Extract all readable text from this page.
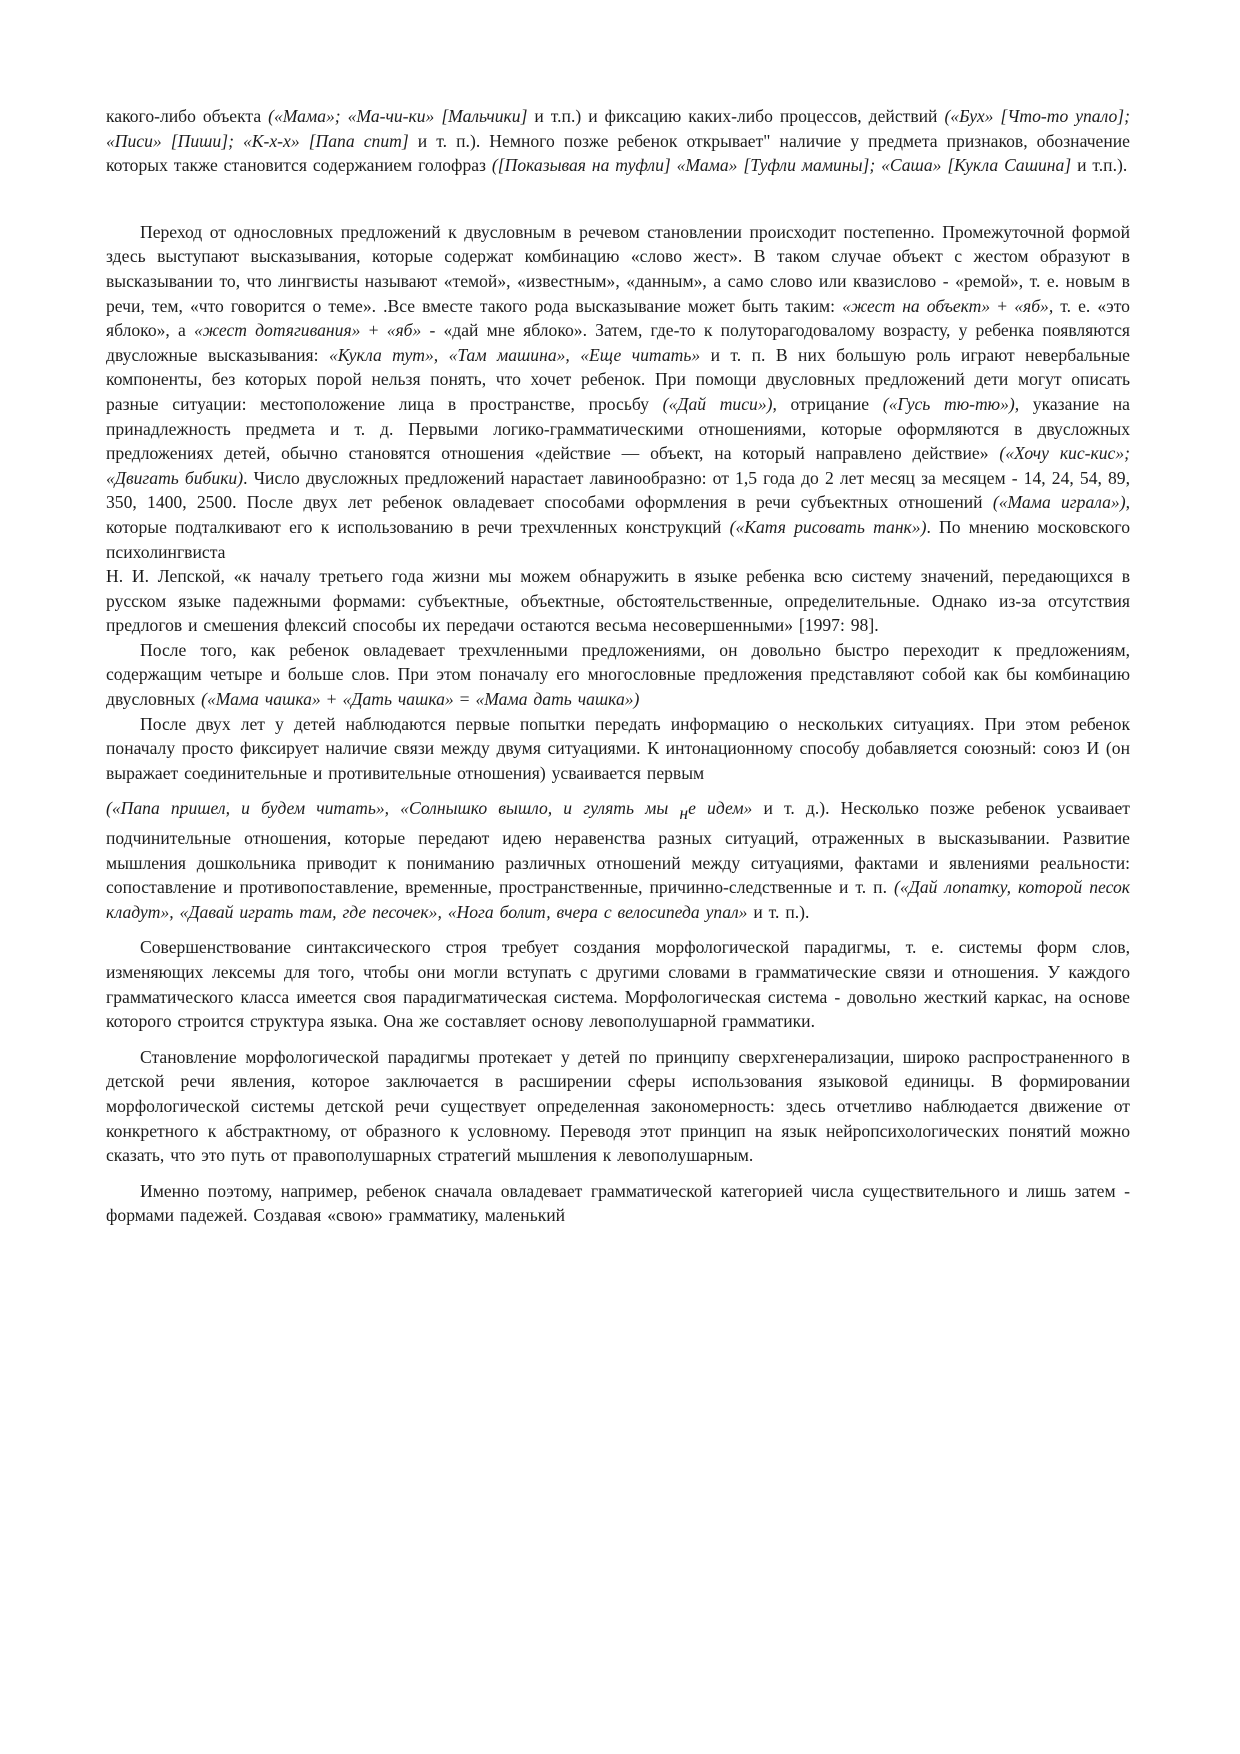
какого-либо объекта («Мама»; «Ма-чи-ки» [Мальчики] и т.п.) и фиксацию каких-либо процессов, действий («Бух» [Что-то упало]; «Писи» [Пиши]; «К-х-х» [Папа спит] и т. п.). Немного позже ребенок открывает" наличие у предмета признаков, обозначение которых также становится содержанием голофраз ([Показывая на туфли] «Мама» [Туфли мамины]; «Саша» [Кукла Сашина] и т.п.).

Переход от однословных предложений к двусловным в речевом становлении происходит постепенно. Промежуточной формой здесь выступают высказывания, которые содержат комбинацию «слово жест». В таком случае объект с жестом образуют в высказывании то, что лингвисты называют «темой», «известным», «данным», а само слово или квазислово - «ремой», т. е. новым в речи, тем, «что говорится о теме». .Все вместе такого рода высказывание может быть таким: «жест на объект» + «яб», т. е. «это яблоко», а «жест дотягивания» + «яб» - «дай мне яблоко». Затем, где-то к полуторагодовалому возрасту, у ребенка появляются двусложные высказывания: «Кукла тут», «Там машина», «Еще читать» и т. п. В них большую роль играют невербальные компоненты, без которых порой нельзя понять, что хочет ребенок. При помощи двусловных предложений дети могут описать разные ситуации: местоположение лица в пространстве, просьбу («Дай тиси»), отрицание («Гусь тю-тю»), указание на принадлежность предмета и т. д. Первыми логико-грамматическими отношениями, которые оформляются в двусложных предложениях детей, обычно становятся отношения «действие — объект, на который направлено действие» («Хочу кис-кис»; «Двигать бибики). Число двусложных предложений нарастает лавинообразно: от 1,5 года до 2 лет месяц за месяцем - 14, 24, 54, 89, 350, 1400, 2500. После двух лет ребенок овладевает способами оформления в речи субъектных отношений («Мама играла»), которые подталкивают его к использованию в речи трехчленных конструкций («Катя рисовать танк»). По мнению московского психолингвиста

Н. И. Лепской, «к началу третьего года жизни мы можем обнаружить в языке ребенка всю систему значений, передающихся в русском языке падежными формами: субъектные, объектные, обстоятельственные, определительные. Однако из-за отсутствия предлогов и смешения флексий способы их передачи остаются весьма несовершенными» [1997: 98].

После того, как ребенок овладевает трехчленными предложениями, он довольно быстро переходит к предложениям, содержащим четыре и больше слов. При этом поначалу его многословные предложения представляют собой как бы комбинацию двусловных («Мама чашка» + «Дать чашка» = «Мама дать чашка»)

После двух лет у детей наблюдаются первые попытки передать информацию о нескольких ситуациях. При этом ребенок поначалу просто фиксирует наличие связи между двумя ситуациями. К интонационному способу добавляется союзный: союз И (он выражает соединительные и противительные отношения) усваивается первым

(«Папа пришел, и будем читать», «Солнышко вышло, и гулять мы не идем» и т. д.). Несколько позже ребенок усваивает подчинительные отношения, которые передают идею неравенства разных ситуаций, отраженных в высказывании. Развитие мышления дошкольника приводит к пониманию различных отношений между ситуациями, фактами и явлениями реальности: сопоставление и противопоставление, временные, пространственные, причинно-следственные и т. п. («Дай лопатку, которой песок кладут», «Давай играть там, где песочек», «Нога болит, вчера с велосипеда упал» и т. п.).

Совершенствование синтаксического строя требует создания морфологической парадигмы, т. е. системы форм слов, изменяющих лексемы для того, чтобы они могли вступать с другими словами в грамматические связи и отношения. У каждого грамматического класса имеется своя парадигматическая система. Морфологическая система - довольно жесткий каркас, на основе которого строится структура языка. Она же составляет основу левополушарной грамматики.

Становление морфологической парадигмы протекает у детей по принципу сверхгенерализации, широко распространенного в детской речи явления, которое заключается в расширении сферы использования языковой единицы. В формировании морфологической системы детской речи существует определенная закономерность: здесь отчетливо наблюдается движение от конкретного к абстрактному, от образного к условному. Переводя этот принцип на язык нейропсихологических понятий можно сказать, что это путь от правополушарных стратегий мышления к левополушарным.

Именно поэтому, например, ребенок сначала овладевает грамматической категорией числа существительного и лишь затем - формами падежей. Создавая «свою» грамматику, маленький
